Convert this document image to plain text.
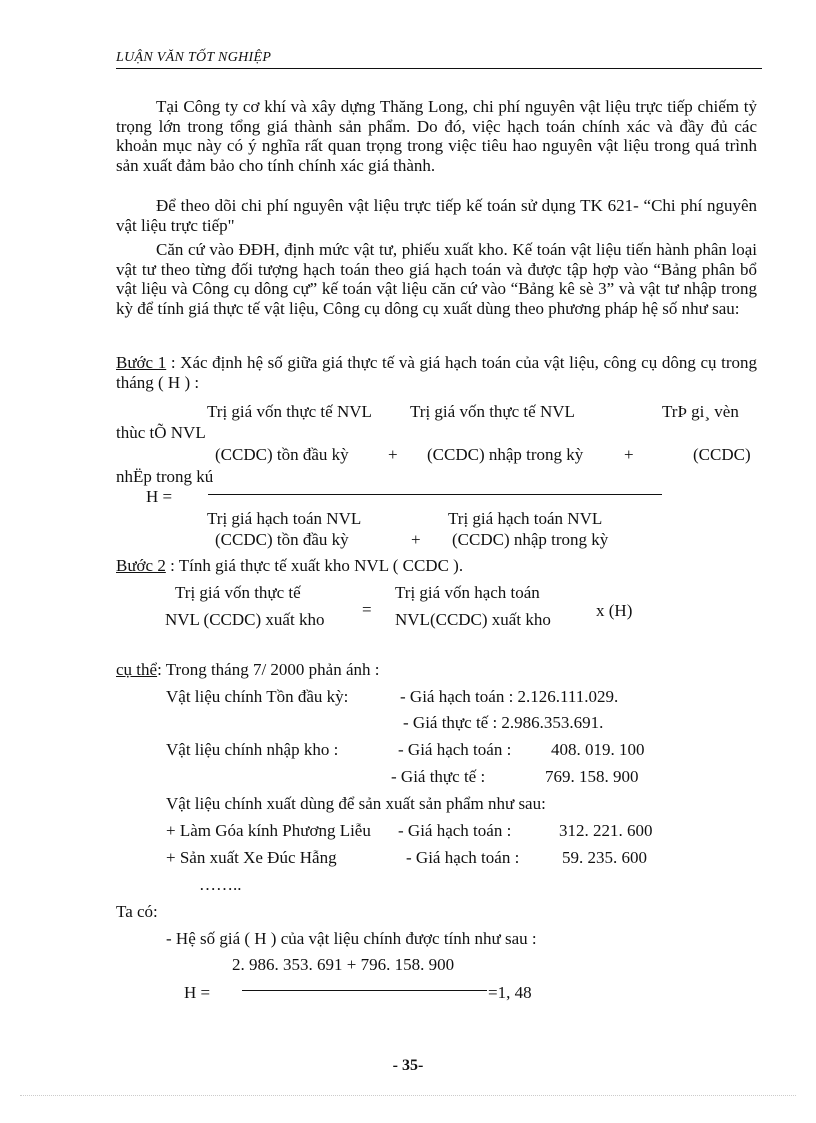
LUẬN VĂN TỐT NGHIỆP
Tại Công ty cơ khí và xây dựng Thăng Long, chi phí nguyên vật liệu trực tiếp chiếm tỷ trọng lớn trong tổng giá thành sản phẩm. Do đó, việc hạch toán chính xác và đầy đủ các khoản mục này có ý nghĩa rất quan trọng trong việc tiêu hao nguyên vật liệu trong quá trình sản xuất đảm bảo cho tính chính xác giá thành.
Để theo dõi chi phí nguyên vật liệu trực tiếp kế toán sử dụng TK 621- “Chi phí nguyên vật liệu trực tiếp"
Căn cứ vào ĐĐH, định mức vật tư, phiếu xuất kho. Kế toán vật liệu tiến hành phân loại vật tư theo từng đối tượng hạch toán theo giá hạch toán và được tập hợp vào “Bảng phân bổ vật liệu và Công cụ dông cự” kế toán vật liệu căn cứ vào “Bảng kê sè 3” và vật tư nhập trong kỳ để tính giá thực tế vật liệu, Công cụ dông cụ xuất dùng theo phương pháp hệ số như sau:
Bước 1 : Xác định hệ số giữa giá thực tế và giá hạch toán của vật liệu, công cụ dông cụ trong tháng ( H ) :
Trị giá vốn thực tế NVL Trị giá vốn thực tế NVL	TrÞ gi¸ vèn
thùc tÕ NVL
(CCDC) tồn đầu kỳ + (CCDC) nhập trong kỳ +	(CCDC)
nhËp trong kú
H =
Trị giá hạch toán NVL	Trị giá hạch toán NVL
(CCDC) tồn đầu kỳ	+ (CCDC) nhập trong kỳ
Bước 2 : Tính giá thực tế xuất kho NVL ( CCDC ).
Trị giá vốn thực tế	Trị giá vốn hạch toán
NVL (CCDC) xuất kho
=
NVL(CCDC) xuất kho	x (H)
cụ thể: Trong tháng 7/ 2000 phản ánh :
Vật liệu chính Tồn đầu kỳ:	- Giá hạch toán : 2.126.111.029.
- Giá thực tế : 2.986.353.691.
Vật liệu chính nhập kho :	- Giá hạch toán : 408. 019. 100
- Giá thực tế :	769. 158. 900
Vật liệu chính xuất dùng để sản xuất sản phẩm như sau:
+ Làm Góa kính Phương Liễu - Giá hạch toán :	312. 221. 600
+ Sản xuất Xe Đúc Hẫng	- Giá hạch toán :	59. 235. 600
……..
Ta có:
- Hệ số giá ( H ) của vật liệu chính được tính như sau :
2. 986. 353. 691 + 796. 158. 900
H =	=1, 48
- 35-
